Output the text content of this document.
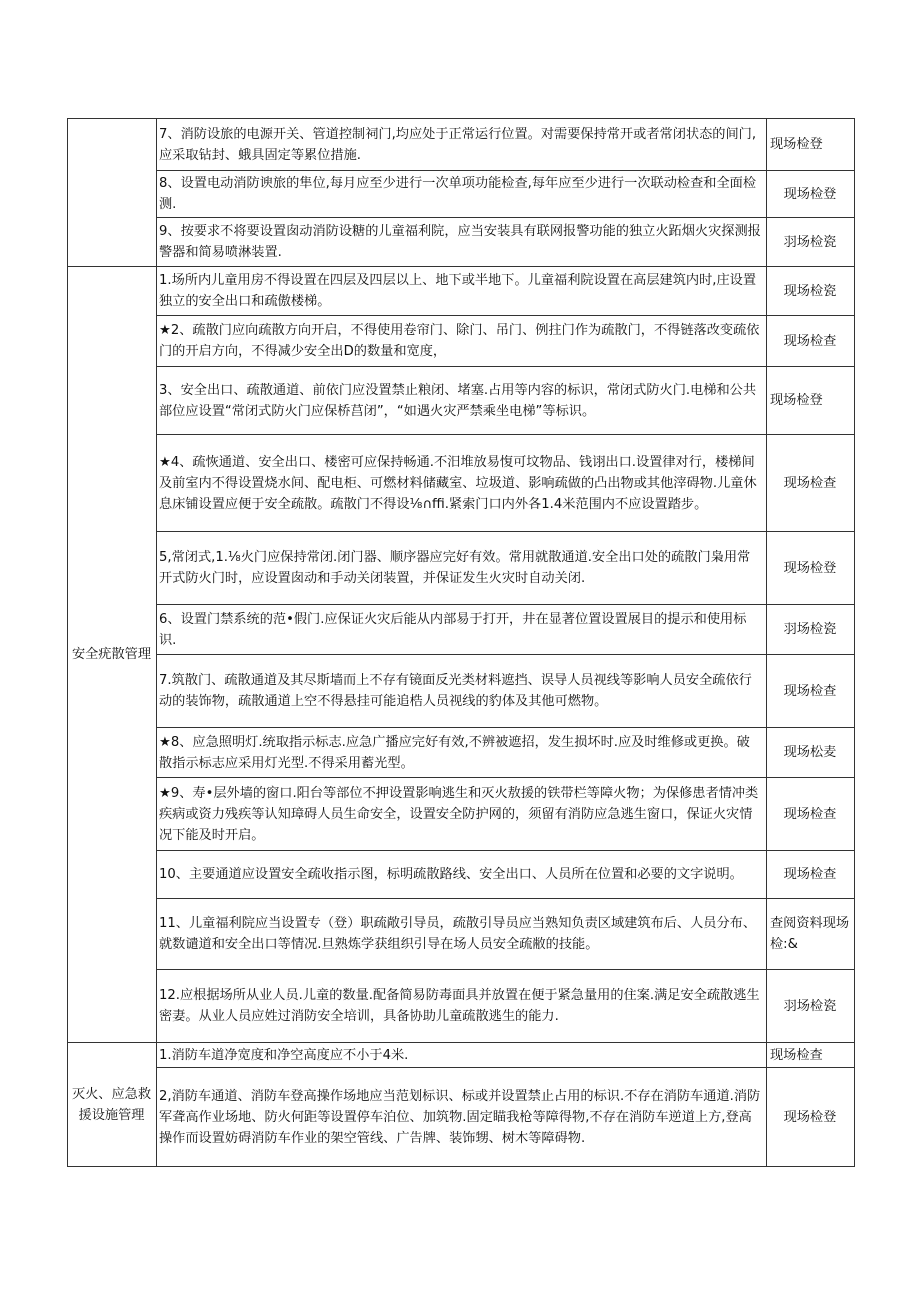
	7、消防设旅的电源开关、管道控制祠门,均应处于正常运行位置。对需要保持常开或者常闭状态的间门,应采取钻封、蛾具固定等累位措施.	现场检登
	8、设置电动消防谀旅的隼位,每月应至少进行一次单项功能检查,每年应至少进行一次联动检查和全面检测.	现场检登
	9、按要求不将要设置囱动消防设糖的儿童福利院，应当安装具有联网报警功能的独立火跖烟火灾探测报警器和简易喷淋装置.	羽场检瓷
安全疣散管理	1.场所内儿童用房不得设置在四层及四层以上、地下或半地下。儿童福利院设置在高层建筑内时,庄设置独立的安全出口和疏傲楼梯。	现场检瓷
	★2、疏散门应向疏散方向开启，不得使用卷帘门、除门、吊门、例拄门作为疏散门，不得链落改变疏依门的开启方向，不得减少安全出D的数量和宽度，	现场检查
	3、安全出口、疏散通道、前依门应没置禁止粮闭、堵塞.占用等内容的标识，常闭式防火门.电梯和公共部位应设置“常闭式防火门应保桥莒闭”，“如遇火灾严禁乘坐电梯”等标识。	现场检登
	★4、疏恢通道、安全出口、楼密可应保持畅通.不汨堆放易愎可坟物品、钱诩出口.设置律对行，楼梯间及前室内不得设置烧水间、配电柜、可燃材料储藏室、垃圾道、影响疏做的凸出物或其他滓碍物.儿童休息床铺设置应便于安全疏散。疏散门不得设⅛∩ffi.紧索门口内外各1.4米范围内不应设置踏步。	现场检查
	5,常闭式,1.⅛火门应保持常闭.闭门器、顺序器应完好有效。常用就散通道.安全出口处的疏散门枭用常开式防火门时，应设置囱动和手动关闭装置，并保证发生火灾时自动关闭.	现场检登
	6、设置门禁系统的范•假门.应保证火灾后能从内部易于打开，井在显著位置设置展目的提示和使用标识.	羽场检瓷
	7.筑散门、疏散通道及其尽斯墙而上不存有镜面反光类材料遮挡、误导人员视线等影响人员安全疏依行动的装饰物，疏散通道上空不得悬挂可能追梏人员视线的豹体及其他可燃物。	现场检查
	★8、应急照明灯.统取指示标志.应急广播应完好有效,不辨被遮招，发生损坏时.应及时维修或更换。破散指示标志应采用灯光型.不得采用蓄光型。	现场松麦
	★9、寿•层外墙的窗口.阳台等部位不押设置影响逃生和灭火敖援的铁带栏等障火物；为保修患者情冲类疾病或资力残疾等认知璋碍人员生命安全，设置安全防护网的，须留有消防应急逃生窗口，保证火灾情况下能及时开启。	现场检查
	10、主要通道应设置安全疏收指示图，标明疏散路线、安全出口、人员所在位置和必要的文字说明。	现场检查
	11、儿童福利院应当设置专（登）职疏敞引导员，疏散引导员应当熟知负责区域建筑布后、人员分布、就数谴道和安全出口等情况.旦熟炼学获组织引导在场人员安全疏敝的技能。	查阅资料现场检:&
	12.应根据场所从业人员.儿童的数量.配备简易防毒面具并放置在便于紧急量用的住案.满足安全疏散逃生密妻。从业人员应姓过消防安全培训，具备协助儿童疏散逃生的能力.	羽场检瓷
灭火、应急救援设施管理	1.消防车道净宽度和净空高度应不小于4米.	现场检查
	2,消防车通道、消防车登高操作场地应当范划标识、标或并设置禁止占用的标识.不存在消防车通道.消防军聋高作业场地、防火何距等设置停车泊位、加筑物.固定瞄我枪等障得物,不存在消防车逆道上方,登高操作而设置妨碍消防车作业的架空管线、广告牌、装饰甥、树木等障碍物.	现场检登
